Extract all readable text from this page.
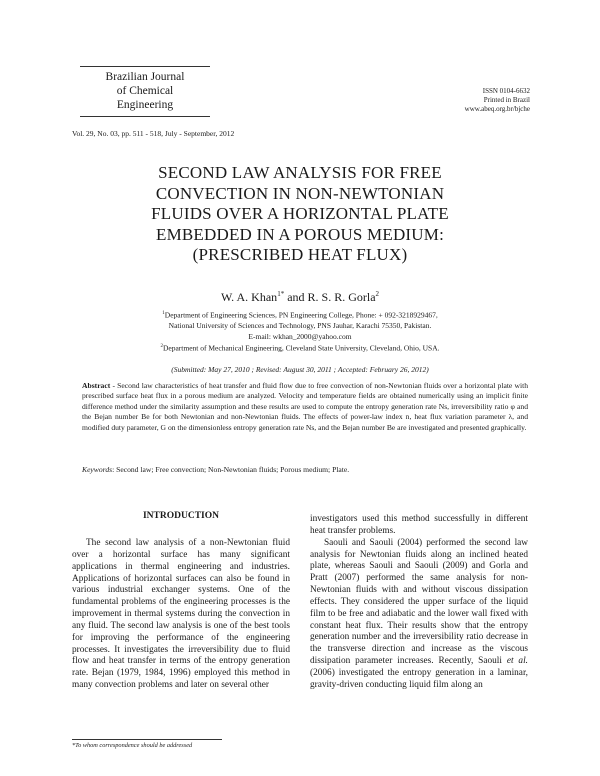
Brazilian Journal
of Chemical
Engineering
ISSN 0104-6632
Printed in Brazil
www.abeq.org.br/bjche
Vol. 29, No. 03, pp. 511 - 518, July - September, 2012
SECOND LAW ANALYSIS FOR FREE
CONVECTION IN NON-NEWTONIAN
FLUIDS OVER A HORIZONTAL PLATE
EMBEDDED IN A POROUS MEDIUM:
(PRESCRIBED HEAT FLUX)
W. A. Khan$^{1*}$ and R. S. R. Gorla$^2$
$^1$Department of Engineering Sciences, PN Engineering College, Phone: + 092-3218929467,
National University of Sciences and Technology, PNS Jauhar, Karachi 75350, Pakistan.
E-mail: wkhan_2000@yahoo.com
$^2$Department of Mechanical Engineering, Cleveland State University, Cleveland, Ohio, USA.
(Submitted: May 27, 2010 ; Revised: August 30, 2011 ; Accepted: February 26, 2012)
Abstract - Second law characteristics of heat transfer and fluid flow due to free convection of non-Newtonian fluids over a horizontal plate with prescribed surface heat flux in a porous medium are analyzed. Velocity and temperature fields are obtained numerically using an implicit finite difference method under the similarity assumption and these results are used to compute the entropy generation rate Ns, irreversibility ratio φ and the Bejan number Be for both Newtonian and non-Newtonian fluids. The effects of power-law index n, heat flux variation parameter λ, and modified duty parameter, G on the dimensionless entropy generation rate Ns, and the Bejan number Be are investigated and presented graphically.
Keywords: Second law; Free convection; Non-Newtonian fluids; Porous medium; Plate.
INTRODUCTION

The second law analysis of a non-Newtonian fluid over a horizontal surface has many significant applications in thermal engineering and industries. Applications of horizontal surfaces can also be found in various industrial exchanger systems. One of the fundamental problems of the engineering processes is the improvement in thermal systems during the convection in any fluid. The second law analysis is one of the best tools for improving the performance of the engineering processes. It investigates the irreversibility due to fluid flow and heat transfer in terms of the entropy generation rate. Bejan (1979, 1984, 1996) employed this method in many convection problems and later on several other

investigators used this method successfully in different heat transfer problems.

Saouli and Saouli (2004) performed the second law analysis for Newtonian fluids along an inclined heated plate, whereas Saouli and Saouli (2009) and Gorla and Pratt (2007) performed the same analysis for non-Newtonian fluids with and without viscous dissipation effects. They considered the upper surface of the liquid film to be free and adiabatic and the lower wall fixed with constant heat flux. Their results show that the entropy generation number and the irreversibility ratio decrease in the transverse direction and increase as the viscous dissipation parameter increases. Recently, Saouli et al. (2006) investigated the entropy generation in a laminar, gravity-driven conducting liquid film along an

*To whom correspondence should be addressed
